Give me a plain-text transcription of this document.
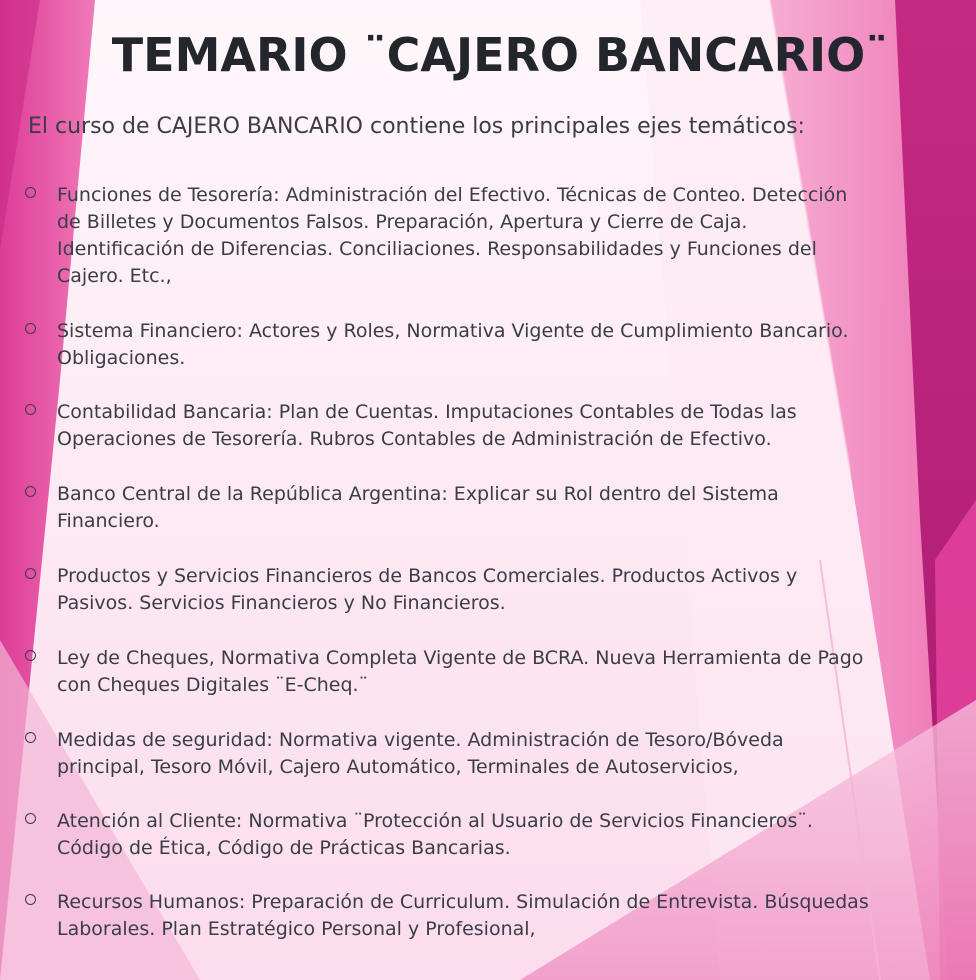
TEMARIO ¨CAJERO BANCARIO¨
El curso de CAJERO BANCARIO contiene los principales ejes temáticos:
Funciones de Tesorería: Administración del Efectivo. Técnicas de Conteo. Detección
de Billetes y Documentos Falsos. Preparación, Apertura y Cierre de Caja.
Identificación de Diferencias. Conciliaciones. Responsabilidades y Funciones del
Cajero. Etc.,
Sistema Financiero: Actores y Roles, Normativa Vigente de Cumplimiento Bancario.
Obligaciones.
Contabilidad Bancaria: Plan de Cuentas. Imputaciones Contables de Todas las
Operaciones de Tesorería. Rubros Contables de Administración de Efectivo.
Banco Central de la República Argentina: Explicar su Rol dentro del Sistema
Financiero.
Productos y Servicios Financieros de Bancos Comerciales. Productos Activos y
Pasivos. Servicios Financieros y No Financieros.
Ley de Cheques, Normativa Completa Vigente de BCRA. Nueva Herramienta de Pago
con Cheques Digitales ¨E-Cheq.¨
Medidas de seguridad: Normativa vigente. Administración de Tesoro/Bóveda
principal, Tesoro Móvil, Cajero Automático, Terminales de Autoservicios,
Atención al Cliente: Normativa ¨Protección al Usuario de Servicios Financieros¨.
Código de Ética, Código de Prácticas Bancarias.
Recursos Humanos: Preparación de Curriculum. Simulación de Entrevista. Búsquedas
Laborales. Plan Estratégico Personal y Profesional,
